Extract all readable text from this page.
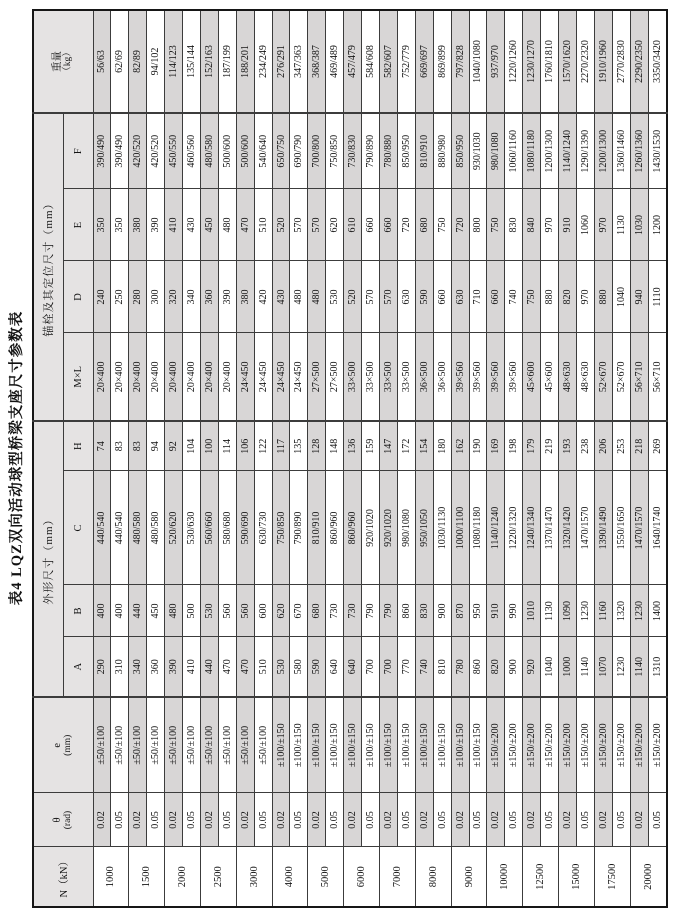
表4 LQZ双向活动球型桥梁支座尺寸参数表
N（kN）	θ (rad)	e (mm)	外形尺寸（mm）				锚栓及其定位尺寸（mm）				重量 （kg）

			A	B	C	H	M×L	D	E	F	
1000	0.02	±50/±100	290	400	440/540	74	20×400	240	350	390/490	56/63
	0.05	±50/±100	310	400	440/540	83	20×400	250	350	390/490	62/69
1500	0.02	±50/±100	340	440	480/580	83	20×400	280	380	420/520	82/89
	0.05	±50/±100	360	450	480/580	94	20×400	300	390	420/520	94/102
2000	0.02	±50/±100	390	480	520/620	92	20×400	320	410	450/550	114/123
	0.05	±50/±100	410	500	530/630	104	20×400	340	430	460/560	135/144
2500	0.02	±50/±100	440	530	560/660	100	20×400	360	450	480/580	152/163
	0.05	±50/±100	470	560	580/680	114	20×400	390	480	500/600	187/199
3000	0.02	±50/±100	470	560	590/690	106	24×450	380	470	500/600	188/201
	0.05	±50/±100	510	600	630/730	122	24×450	420	510	540/640	234/249
4000	0.02	±100/±150	530	620	750/850	117	24×450	430	520	650/750	276/291
	0.05	±100/±150	580	670	790/890	135	24×450	480	570	690/790	347/363
5000	0.02	±100/±150	590	680	810/910	128	27×500	480	570	700/800	368/387
	0.05	±100/±150	640	730	860/960	148	27×500	530	620	750/850	469/489
6000	0.02	±100/±150	640	730	860/960	136	33×500	520	610	730/830	457/479
	0.05	±100/±150	700	790	920/1020	159	33×500	570	660	790/890	584/608
7000	0.02	±100/±150	700	790	920/1020	147	33×500	570	660	780/880	582/607
	0.05	±100/±150	770	860	980/1080	172	33×500	630	720	850/950	752/779
8000	0.02	±100/±150	740	830	950/1050	154	36×500	590	680	810/910	669/697
	0.05	±100/±150	810	900	1030/1130	180	36×500	660	750	880/980	869/899
9000	0.02	±100/±150	780	870	1000/1100	162	39×560	630	720	850/950	797/828
	0.05	±100/±150	860	950	1080/1180	190	39×560	710	800	930/1030	1040/1080
10000	0.02	±150/±200	820	910	1140/1240	169	39×560	660	750	980/1080	937/970
	0.05	±150/±200	900	990	1220/1320	198	39×560	740	830	1060/1160	1220/1260
12500	0.02	±150/±200	920	1010	1240/1340	179	45×600	750	840	1080/1180	1230/1270
	0.05	±150/±200	1040	1130	1370/1470	219	45×600	880	970	1200/1300	1760/1810
15000	0.02	±150/±200	1000	1090	1320/1420	193	48×630	820	910	1140/1240	1570/1620
	0.05	±150/±200	1140	1230	1470/1570	238	48×630	970	1060	1290/1390	2270/2320
17500	0.02	±150/±200	1070	1160	1390/1490	206	52×670	880	970	1200/1300	1910/1960
	0.05	±150/±200	1230	1320	1550/1650	253	52×670	1040	1130	1360/1460	2770/2830
20000	0.02	±150/±200	1140	1230	1470/1570	218	56×710	940	1030	1260/1360	2290/2350
	0.05	±150/±200	1310	1400	1640/1740	269	56×710	1110	1200	1430/1530	3350/3420
